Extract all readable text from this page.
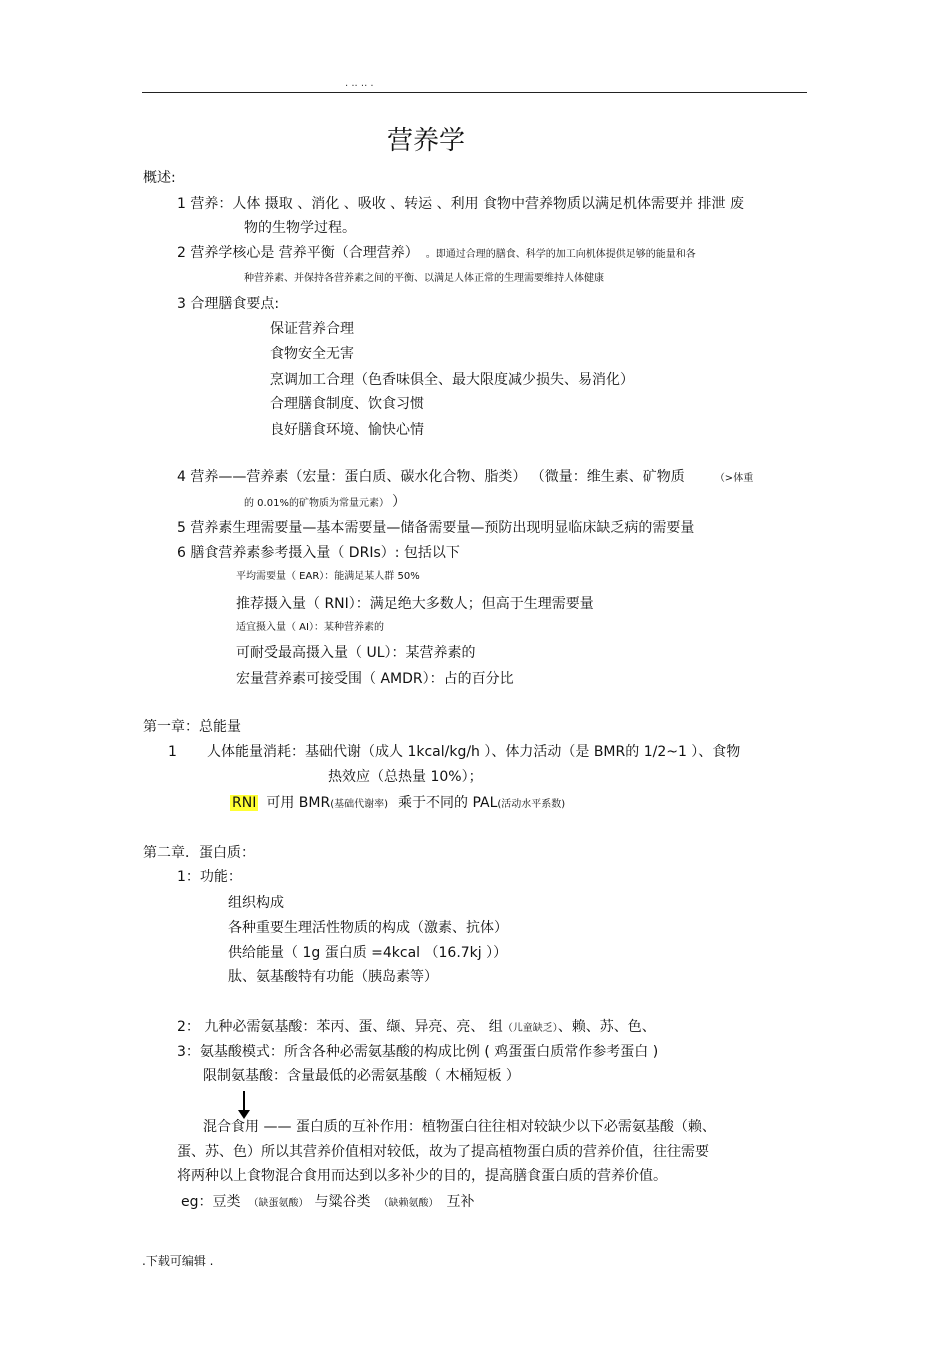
. .. .. .
营养学
概述:
1 营养：人体 摄取 、消化 、吸收 、转运 、利用 食物中营养物质以满足机体需要并 排泄 废
物的生物学过程。
2 营养学核心是 营养平衡（合理营养） 。即通过合理的膳食、科学的加工向机体提供足够的能量和各
种营养素、并保持各营养素之间的平衡、以满足人体正常的生理需要维持人体健康
3 合理膳食要点:
保证营养合理
食物安全无害
烹调加工合理（色香味俱全、最大限度减少损失、易消化）
合理膳食制度、饮食习惯
良好膳食环境、愉快心情
4 营养——营养素（宏量：蛋白质、碳水化合物、脂类） （微量：维生素、矿物质	（>体重
的 0.01%的矿物质为常量元素） ）
5 营养素生理需要量—基本需要量—储备需要量—预防出现明显临床缺乏病的需要量
6 膳食营养素参考摄入量（ DRIs）: 包括以下
平均需要量（ EAR）：能满足某人群 50%
推荐摄入量（ RNI）：满足绝大多数人；但高于生理需要量
适宜摄入量（ AI）：某种营养素的
可耐受最高摄入量（ UL）：某营养素的
宏量营养素可接受围（ AMDR）：占的百分比
第一章：总能量
1 人体能量消耗：基础代谢（成人 1kcal/kg/h ）、体力活动（是 BMR的 1/2~1 ）、食物
热效应（总热量 10%）；
RNI 可用 BMR(基础代谢率) 乘于不同的 PAL(活动水平系数)
第二章．蛋白质：
1：功能：
组织构成
各种重要生理活性物质的构成（激素、抗体）
供给能量（ 1g 蛋白质 =4kcal （16.7kj ））
肽、氨基酸特有功能（胰岛素等）
2： 九种必需氨基酸：苯丙、蛋、缬、异亮、亮、 组（儿童缺乏）、赖、苏、色、
3：氨基酸模式：所含各种必需氨基酸的构成比例 ( 鸡蛋蛋白质常作参考蛋白 )
限制氨基酸：含量最低的必需氨基酸（ 木桶短板 ）
混合食用 —— 蛋白质的互补作用：植物蛋白往往相对较缺少以下必需氨基酸（赖、
蛋、苏、色）所以其营养价值相对较低，故为了提高植物蛋白质的营养价值，往往需要
将两种以上食物混合食用而达到以多补少的目的，提高膳食蛋白质的营养价值。
eg：豆类 （缺蛋氨酸） 与粱谷类 （缺赖氨酸） 互补
.下载可编辑 .
